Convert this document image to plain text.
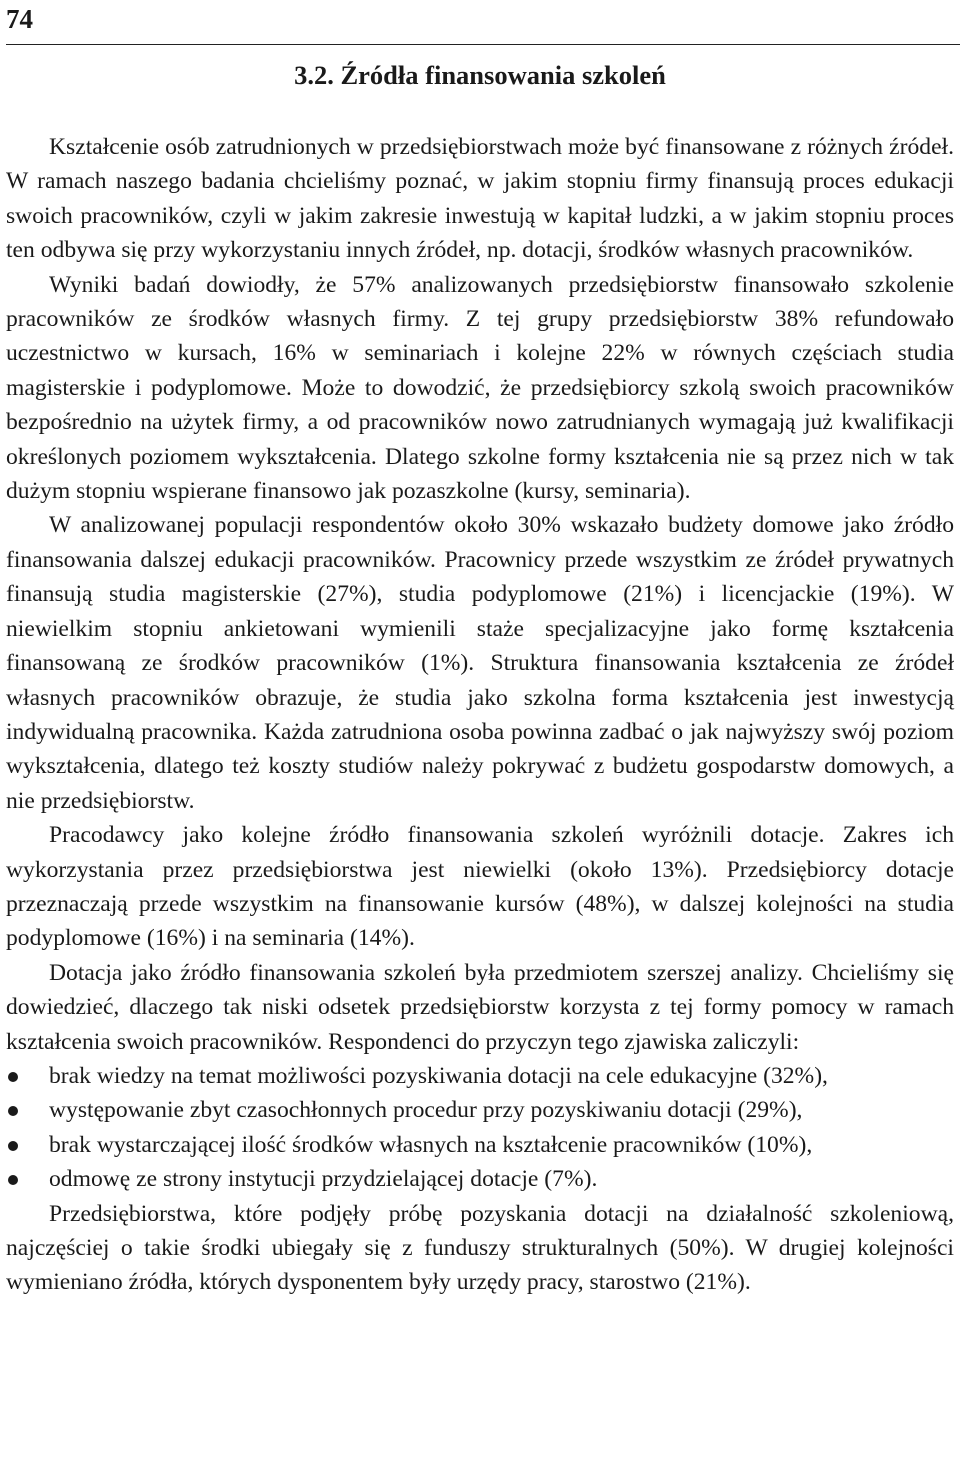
74
3.2. Źródła finansowania szkoleń

Kształcenie osób zatrudnionych w przedsiębiorstwach może być finansowane z różnych źródeł. W ramach naszego badania chcieliśmy poznać, w jakim stopniu firmy finansują proces edukacji swoich pracowników, czyli w jakim zakresie inwestują w kapitał ludzki, a w jakim stopniu proces ten odbywa się przy wykorzystaniu innych źródeł, np. dotacji, środków własnych pracowników.

Wyniki badań dowiodły, że 57% analizowanych przedsiębiorstw finansowało szkolenie pracowników ze środków własnych firmy. Z tej grupy przedsiębiorstw 38% refundowało uczestnictwo w kursach, 16% w seminariach i kolejne 22% w równych częściach studia magisterskie i podyplomowe. Może to dowodzić, że przedsiębiorcy szkolą swoich pracowników bezpośrednio na użytek firmy, a od pracowników nowo zatrudnianych wymagają już kwalifikacji określonych poziomem wykształcenia. Dlatego szkolne formy kształcenia nie są przez nich w tak dużym stopniu wspierane finansowo jak pozaszkolne (kursy, seminaria).

W analizowanej populacji respondentów około 30% wskazało budżety domowe jako źródło finansowania dalszej edukacji pracowników. Pracownicy przede wszystkim ze źródeł prywatnych finansują studia magisterskie (27%), studia podyplomowe (21%) i licencjackie (19%). W niewielkim stopniu ankietowani wymienili staże specjalizacyjne jako formę kształcenia finansowaną ze środków pracowników (1%). Struktura finansowania kształcenia ze źródeł własnych pracowników obrazuje, że studia jako szkolna forma kształcenia jest inwestycją indywidualną pracownika. Każda zatrudniona osoba powinna zadbać o jak najwyższy swój poziom wykształcenia, dlatego też koszty studiów należy pokrywać z budżetu gospodarstw domowych, a nie przedsiębiorstw.

Pracodawcy jako kolejne źródło finansowania szkoleń wyróżnili dotacje. Zakres ich wykorzystania przez przedsiębiorstwa jest niewielki (około 13%). Przedsiębiorcy dotacje przeznaczają przede wszystkim na finansowanie kursów (48%), w dalszej kolejności na studia podyplomowe (16%) i na seminaria (14%).

Dotacja jako źródło finansowania szkoleń była przedmiotem szerszej analizy. Chcieliśmy się dowiedzieć, dlaczego tak niski odsetek przedsiębiorstw korzysta z tej formy pomocy w ramach kształcenia swoich pracowników. Respondenci do przyczyn tego zjawiska zaliczyli:

brak wiedzy na temat możliwości pozyskiwania dotacji na cele edukacyjne (32%),
występowanie zbyt czasochłonnych procedur przy pozyskiwaniu dotacji (29%),
brak wystarczającej ilość środków własnych na kształcenie pracowników (10%),
odmowę ze strony instytucji przydzielającej dotacje (7%).

Przedsiębiorstwa, które podjęły próbę pozyskania dotacji na działalność szkoleniową, najczęściej o takie środki ubiegały się z funduszy strukturalnych (50%). W drugiej kolejności wymieniano źródła, których dysponentem były urzędy pracy, starostwo (21%).
